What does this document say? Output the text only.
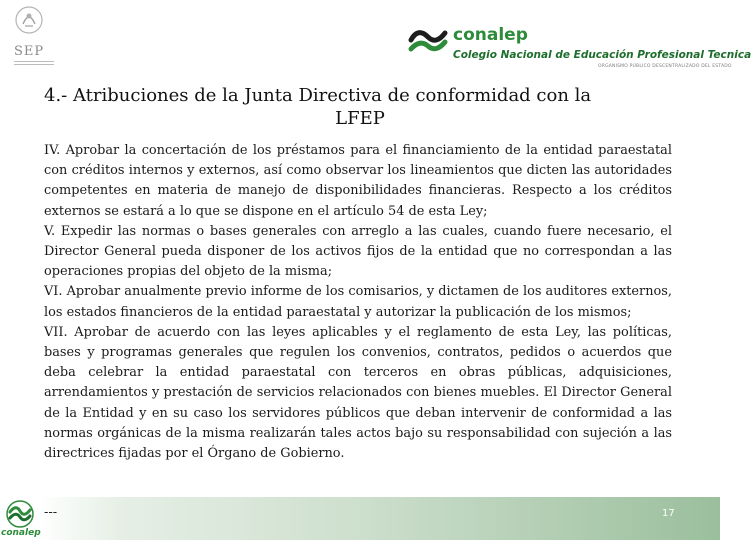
SEP
conalep
Colegio Nacional de Educación Profesional Tecnica
ORGANISMO PÚBLICO DESCENTRALIZADO DEL ESTADO
4.- Atribuciones de la Junta Directiva de conformidad con la
LFEP

IV. Aprobar la concertación de los préstamos para el financiamiento de la entidad paraestatal con créditos internos y externos, así como observar los lineamientos que dicten las autoridades competentes en materia de manejo de disponibilidades financieras. Respecto a los créditos externos se estará a lo que se dispone en el artículo 54 de esta Ley;

V. Expedir las normas o bases generales con arreglo a las cuales, cuando fuere necesario, el Director General pueda disponer de los activos fijos de la entidad que no correspondan a las operaciones propias del objeto de la misma;

VI. Aprobar anualmente previo informe de los comisarios, y dictamen de los auditores externos, los estados financieros de la entidad paraestatal y autorizar la publicación de los mismos;

VII. Aprobar de acuerdo con las leyes aplicables y el reglamento de esta Ley, las políticas, bases y programas generales que regulen los convenios, contratos, pedidos o acuerdos que deba celebrar la entidad paraestatal con terceros en obras públicas, adquisiciones, arrendamientos y prestación de servicios relacionados con bienes muebles. El Director General de la Entidad y en su caso los servidores públicos que deban intervenir de conformidad a las normas orgánicas de la misma realizarán tales actos bajo su responsabilidad con sujeción a las directrices fijadas por el Órgano de Gobierno.

---	17
conalep
